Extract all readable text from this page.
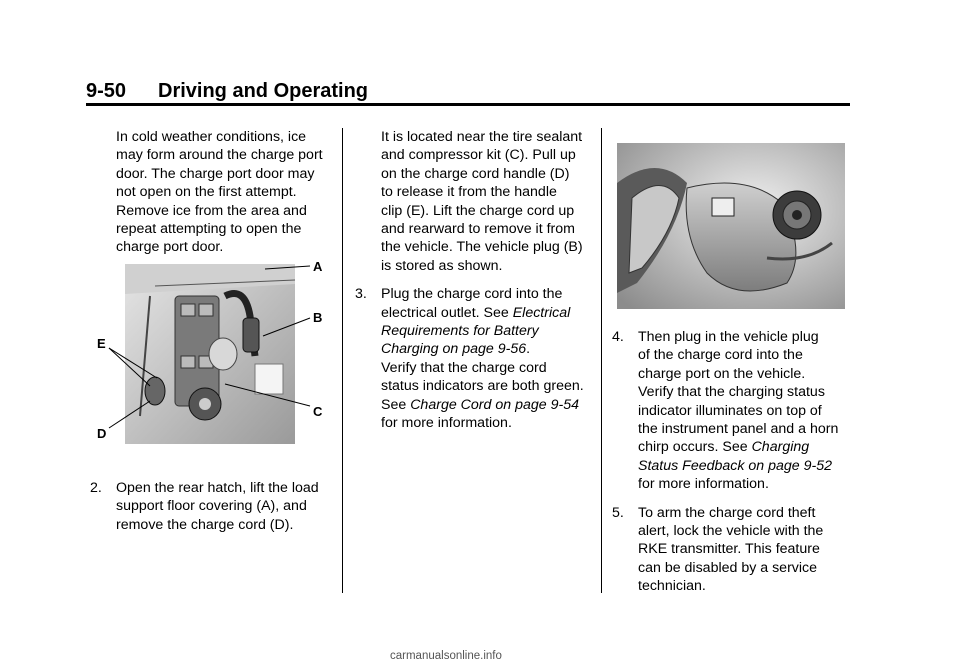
9-50 Driving and Operating
In cold weather conditions, ice
may form around the charge port
door. The charge port door may
not open on the first attempt.
Remove ice from the area and
repeat attempting to open the
charge port door.
2. Open the rear hatch, lift the load
support floor covering (A), and
remove the charge cord (D).
A
B
C
D
E
It is located near the tire sealant
and compressor kit (C). Pull up
on the charge cord handle (D)
to release it from the handle
clip (E). Lift the charge cord up
and rearward to remove it from
the vehicle. The vehicle plug (B)
is stored as shown.
3. Plug the charge cord into the
electrical outlet. See Electrical
Requirements for Battery
Charging on page 9-56.
Verify that the charge cord
status indicators are both green.
See Charge Cord on page 9-54
for more information.
4. Then plug in the vehicle plug
of the charge cord into the
charge port on the vehicle.
Verify that the charging status
indicator illuminates on top of
the instrument panel and a horn
chirp occurs. See Charging
Status Feedback on page 9-52
for more information.
5. To arm the charge cord theft
alert, lock the vehicle with the
RKE transmitter. This feature
can be disabled by a service
technician.
carmanualsonline.info
